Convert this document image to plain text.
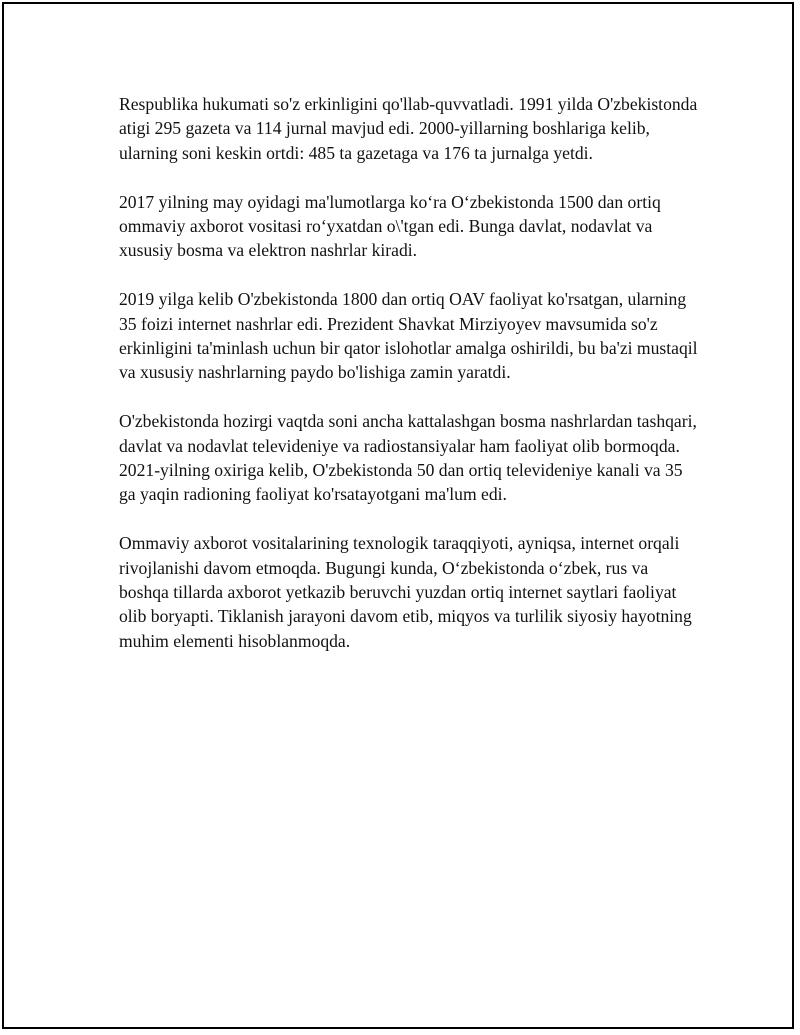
Respublika hukumati so'z erkinligini qo'llab-quvvatladi. 1991 yilda O'zbekistonda atigi 295 gazeta va 114 jurnal mavjud edi. 2000-yillarning boshlariga kelib, ularning soni keskin ortdi: 485 ta gazetaga va 176 ta jurnalga yetdi.

2017 yilning may oyidagi ma'lumotlarga ko‘ra O‘zbekistonda 1500 dan ortiq ommaviy axborot vositasi ro‘yxatdan o\'tgan edi. Bunga davlat, nodavlat va xususiy bosma va elektron nashrlar kiradi.

2019 yilga kelib O'zbekistonda 1800 dan ortiq OAV faoliyat ko'rsatgan, ularning 35 foizi internet nashrlar edi. Prezident Shavkat Mirziyoyev mavsumida so'z erkinligini ta'minlash uchun bir qator islohotlar amalga oshirildi, bu ba'zi mustaqil va xususiy nashrlarning paydo bo'lishiga zamin yaratdi.

O'zbekistonda hozirgi vaqtda soni ancha kattalashgan bosma nashrlardan tashqari, davlat va nodavlat televideniye va radiostansiyalar ham faoliyat olib bormoqda. 2021-yilning oxiriga kelib, O'zbekistonda 50 dan ortiq televideniye kanali va 35 ga yaqin radioning faoliyat ko'rsatayotgani ma'lum edi.

Ommaviy axborot vositalarining texnologik taraqqiyoti, ayniqsa, internet orqali rivojlanishi davom etmoqda. Bugungi kunda, O‘zbekistonda o‘zbek, rus va boshqa tillarda axborot yetkazib beruvchi yuzdan ortiq internet saytlari faoliyat olib boryapti. Tiklanish jarayoni davom etib, miqyos va turlilik siyosiy hayotning muhim elementi hisoblanmoqda.
